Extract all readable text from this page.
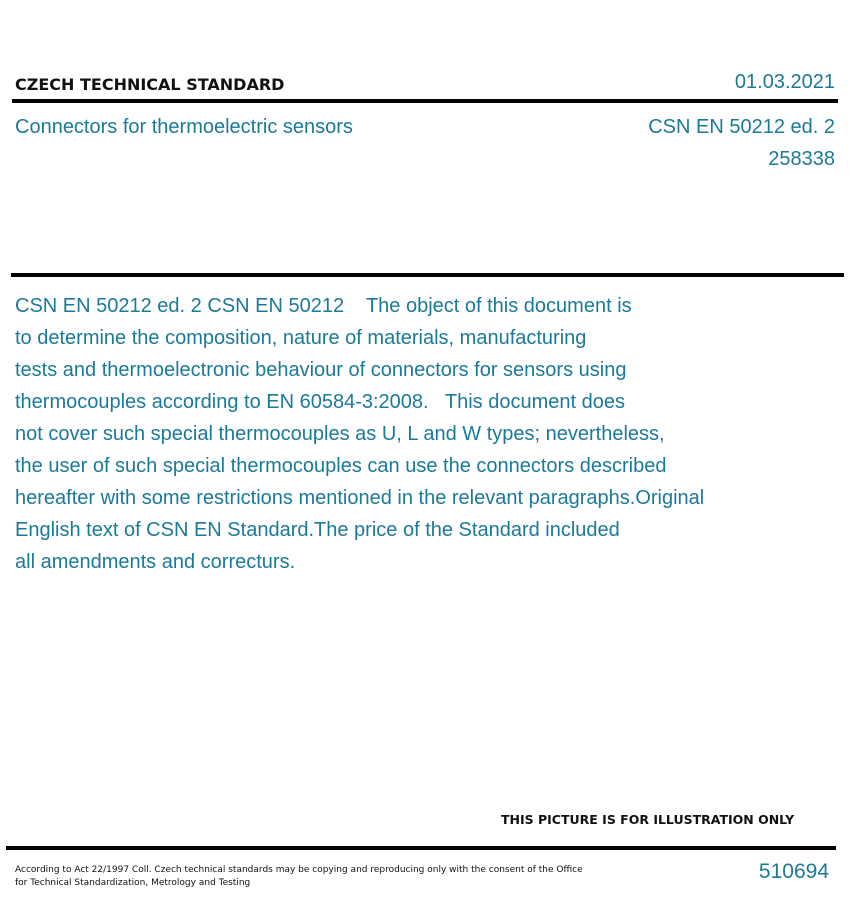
CZECH TECHNICAL STANDARD	01.03.2021
Connectors for thermoelectric sensors	CSN EN 50212 ed. 2
258338
CSN EN 50212 ed. 2 CSN EN 50212    The object of this document is
to determine the composition, nature of materials, manufacturing
tests and thermoelectronic behaviour of connectors for sensors using
thermocouples according to EN 60584-3:2008.   This document does
not cover such special thermocouples as U, L and W types; nevertheless,
the user of such special thermocouples can use the connectors described
hereafter with some restrictions mentioned in the relevant paragraphs.Original
English text of CSN EN Standard.The price of the Standard included
all amendments and correcturs.
THIS PICTURE IS FOR ILLUSTRATION ONLY
According to Act 22/1997 Coll. Czech technical standards may be copying and reproducing only with the consent of the Office
for Technical Standardization, Metrology and Testing	510694
